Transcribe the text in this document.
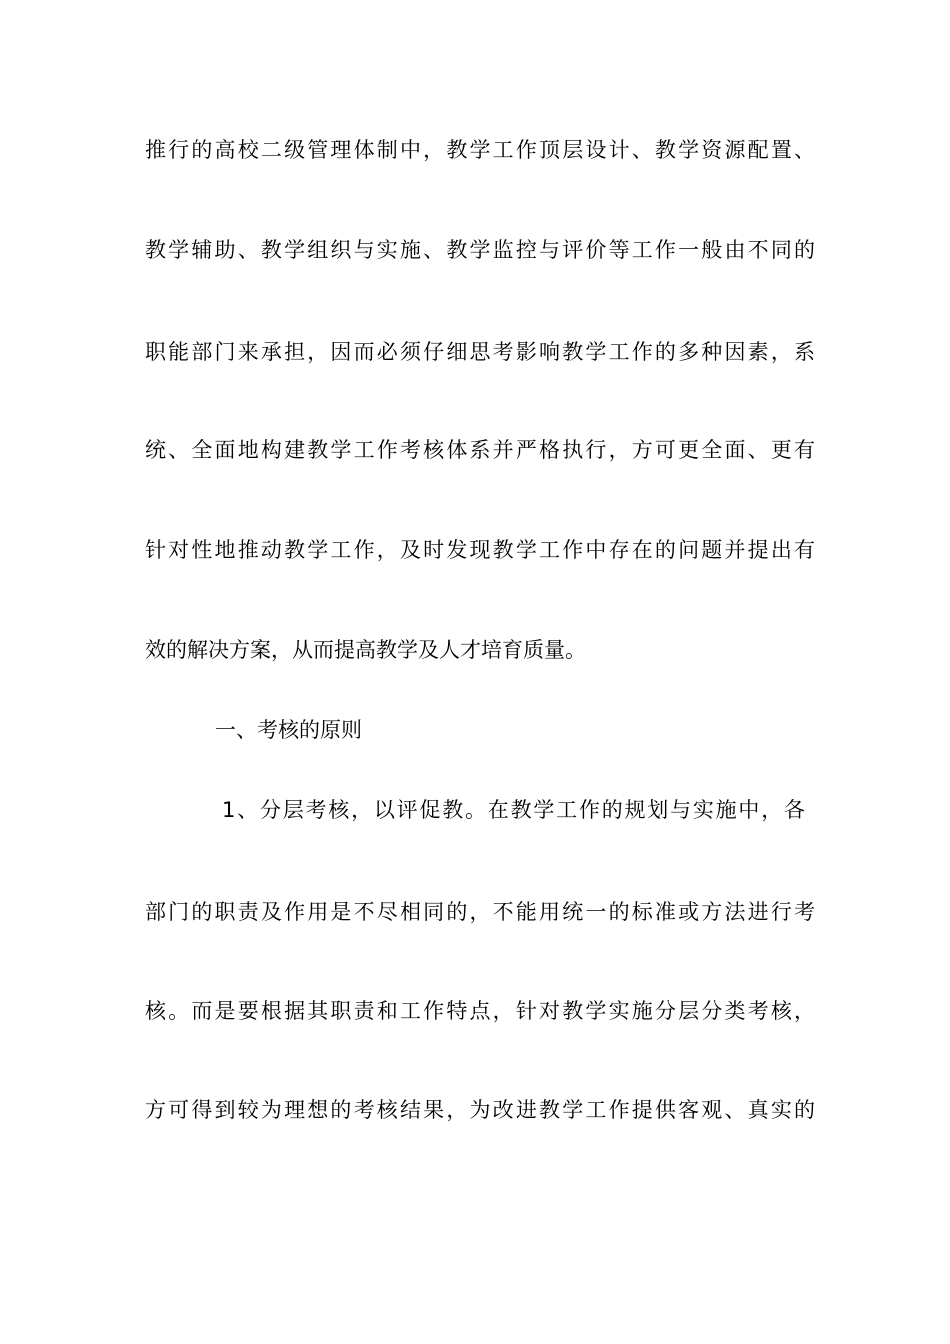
推行的高校二级管理体制中，教学工作顶层设计、教学资源配置、
教学辅助、教学组织与实施、教学监控与评价等工作一般由不同的
职能部门来承担，因而必须仔细思考影响教学工作的多种因素，系
统、全面地构建教学工作考核体系并严格执行，方可更全面、更有
针对性地推动教学工作，及时发现教学工作中存在的问题并提出有
效的解决方案，从而提高教学及人才培育质量。
一、考核的原则
1、分层考核，以评促教。在教学工作的规划与实施中，各
部门的职责及作用是不尽相同的，不能用统一的标准或方法进行考
核。而是要根据其职责和工作特点，针对教学实施分层分类考核，
方可得到较为理想的考核结果，为改进教学工作提供客观、真实的
